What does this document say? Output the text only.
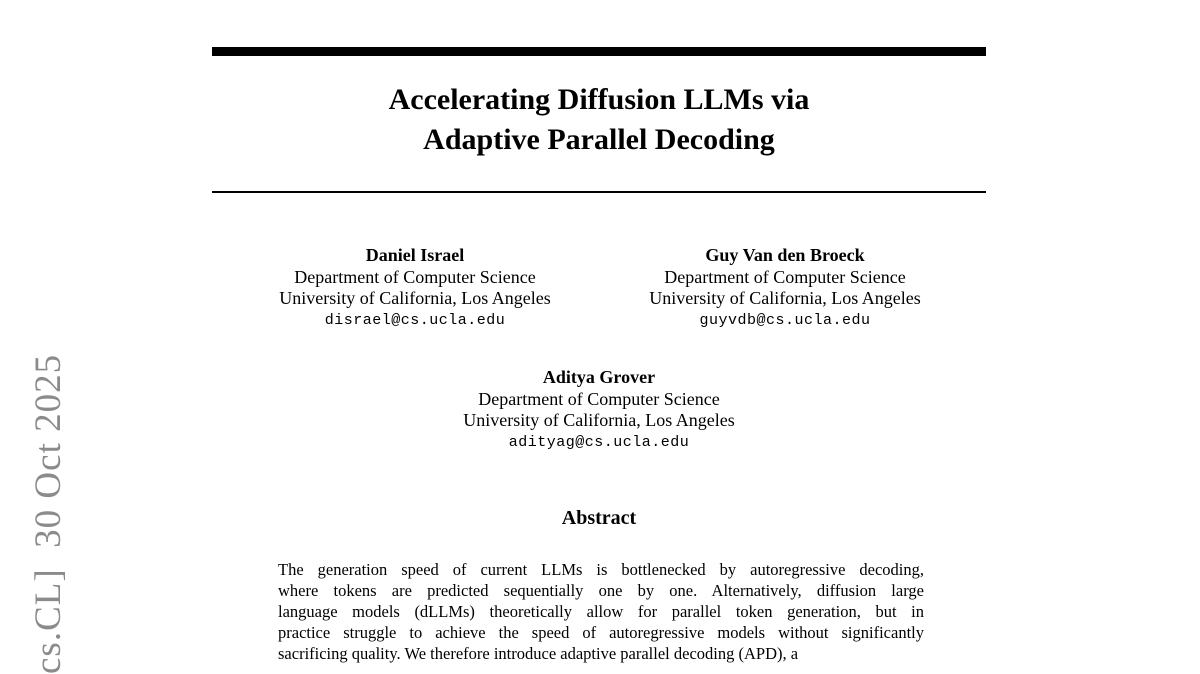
cs.CL]  30 Oct 2025
Accelerating Diffusion LLMs via
Adaptive Parallel Decoding
Daniel Israel
Department of Computer Science
University of California, Los Angeles
disrael@cs.ucla.edu
Guy Van den Broeck
Department of Computer Science
University of California, Los Angeles
guyvdb@cs.ucla.edu
Aditya Grover
Department of Computer Science
University of California, Los Angeles
adityag@cs.ucla.edu
Abstract
The generation speed of current LLMs is bottlenecked by autoregressive decoding,
where tokens are predicted sequentially one by one. Alternatively, diffusion large
language models (dLLMs) theoretically allow for parallel token generation, but in
practice struggle to achieve the speed of autoregressive models without significantly
sacrificing quality. We therefore introduce adaptive parallel decoding (APD), a
